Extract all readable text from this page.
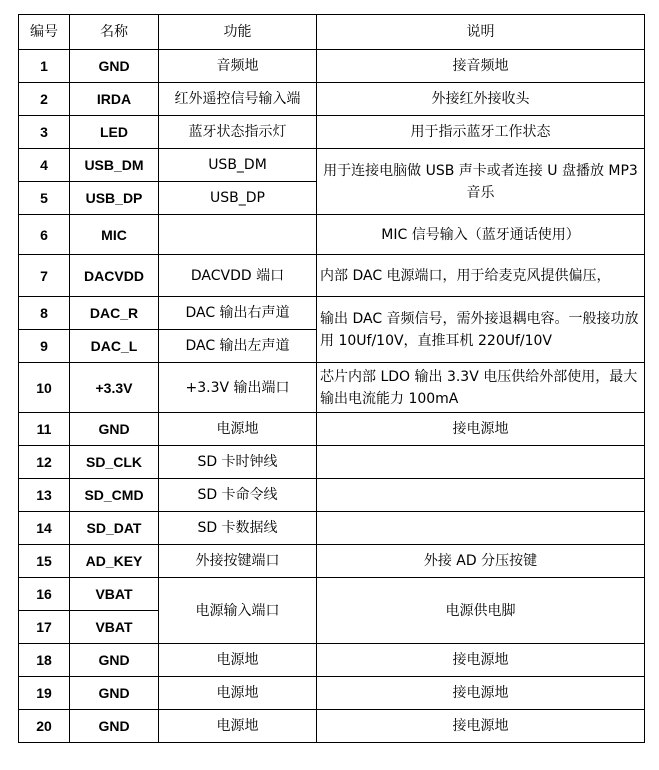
编号	名称	功能	说明
1	GND	音频地	接音频地
2	IRDA	红外遥控信号输入端	外接红外接收头
3	LED	蓝牙状态指示灯	用于指示蓝牙工作状态
4	USB_DM	USB_DM	用于连接电脑做 USB 声卡或者连接 U 盘播放 MP3 音乐

5	USB_DP	USB_DP	
6	MIC		MIC 信号输入（蓝牙通话使用）
7	DACVDD	DACVDD 端口	内部 DAC 电源端口，用于给麦克风提供偏压，
8	DAC_R	DAC 输出右声道	输出 DAC 音频信号，需外接退耦电容。一般接功放用 10Uf/10V，直推耳机 220Uf/10V

9	DAC_L	DAC 输出左声道	
10	+3.3V	+3.3V 输出端口	芯片内部 LDO 输出 3.3V 电压供给外部使用，最大输出电流能力 100mA

11	GND	电源地	接电源地
12	SD_CLK	SD 卡时钟线	
13	SD_CMD	SD 卡命令线	
14	SD_DAT	SD 卡数据线	
15	AD_KEY	外接按键端口	外接 AD 分压按键
16	VBAT	电源输入端口	电源供电脚
17	VBAT		
18	GND	电源地	接电源地
19	GND	电源地	接电源地
20	GND	电源地	接电源地
